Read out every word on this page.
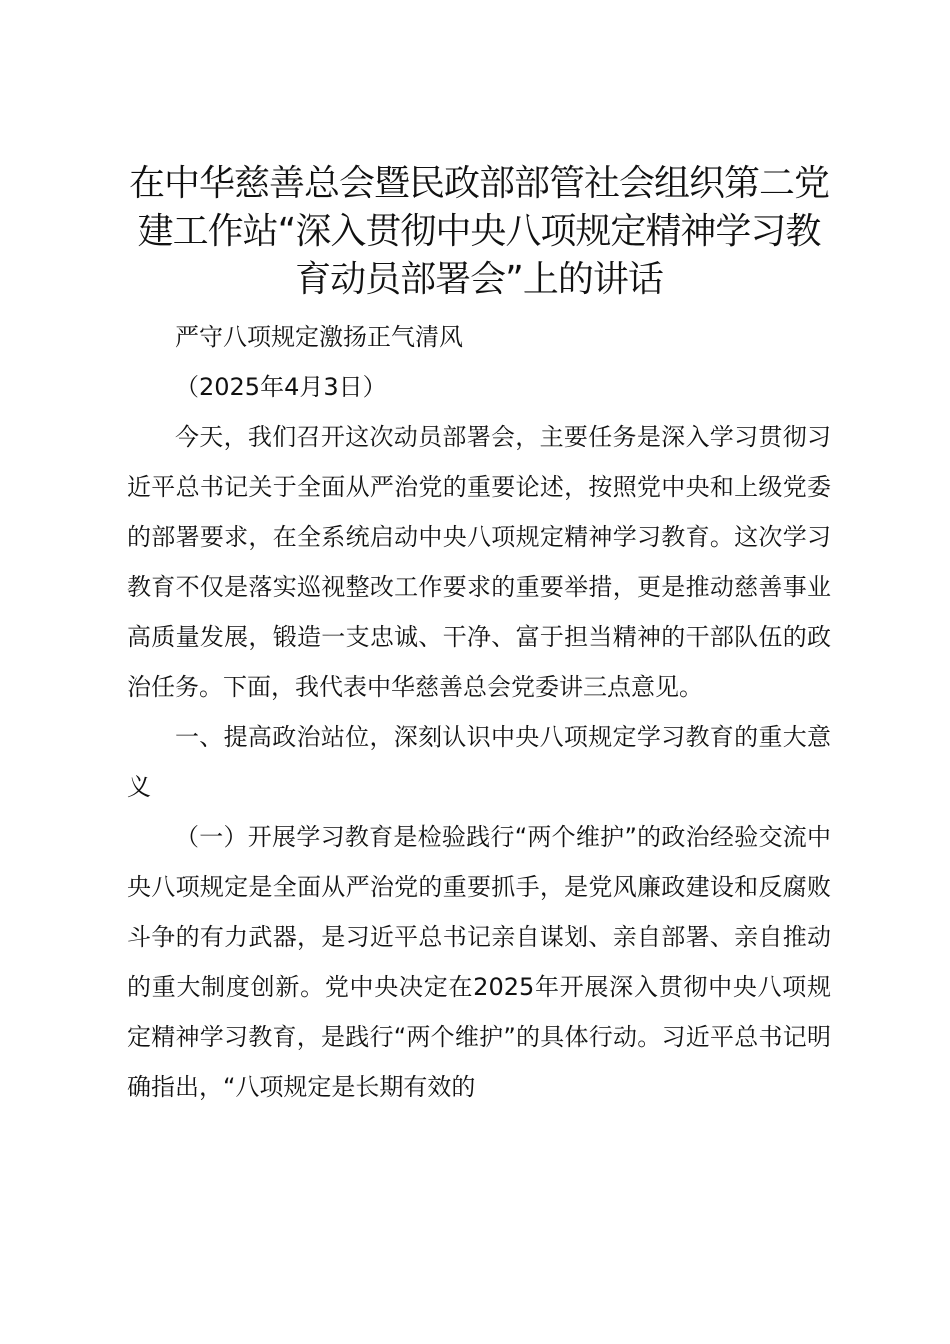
在中华慈善总会暨民政部部管社会组织第二党
建工作站“深入贯彻中央八项规定精神学习教
育动员部署会”上的讲话

严守八项规定激扬正气清风

（2025年4月3日）

今天，我们召开这次动员部署会，主要任务是深入学习贯彻习近平总书记关于全面从严治党的重要论述，按照党中央和上级党委的部署要求，在全系统启动中央八项规定精神学习教育。这次学习教育不仅是落实巡视整改工作要求的重要举措，更是推动慈善事业高质量发展，锻造一支忠诚、干净、富于担当精神的干部队伍的政治任务。下面，我代表中华慈善总会党委讲三点意见。

一、提高政治站位，深刻认识中央八项规定学习教育的重大意义

（一）开展学习教育是检验践行“两个维护”的政治经验交流中央八项规定是全面从严治党的重要抓手，是党风廉政建设和反腐败斗争的有力武器，是习近平总书记亲自谋划、亲自部署、亲自推动的重大制度创新。党中央决定在2025年开展深入贯彻中央八项规定精神学习教育，是践行“两个维护”的具体行动。习近平总书记明确指出，“八项规定是长期有效的
